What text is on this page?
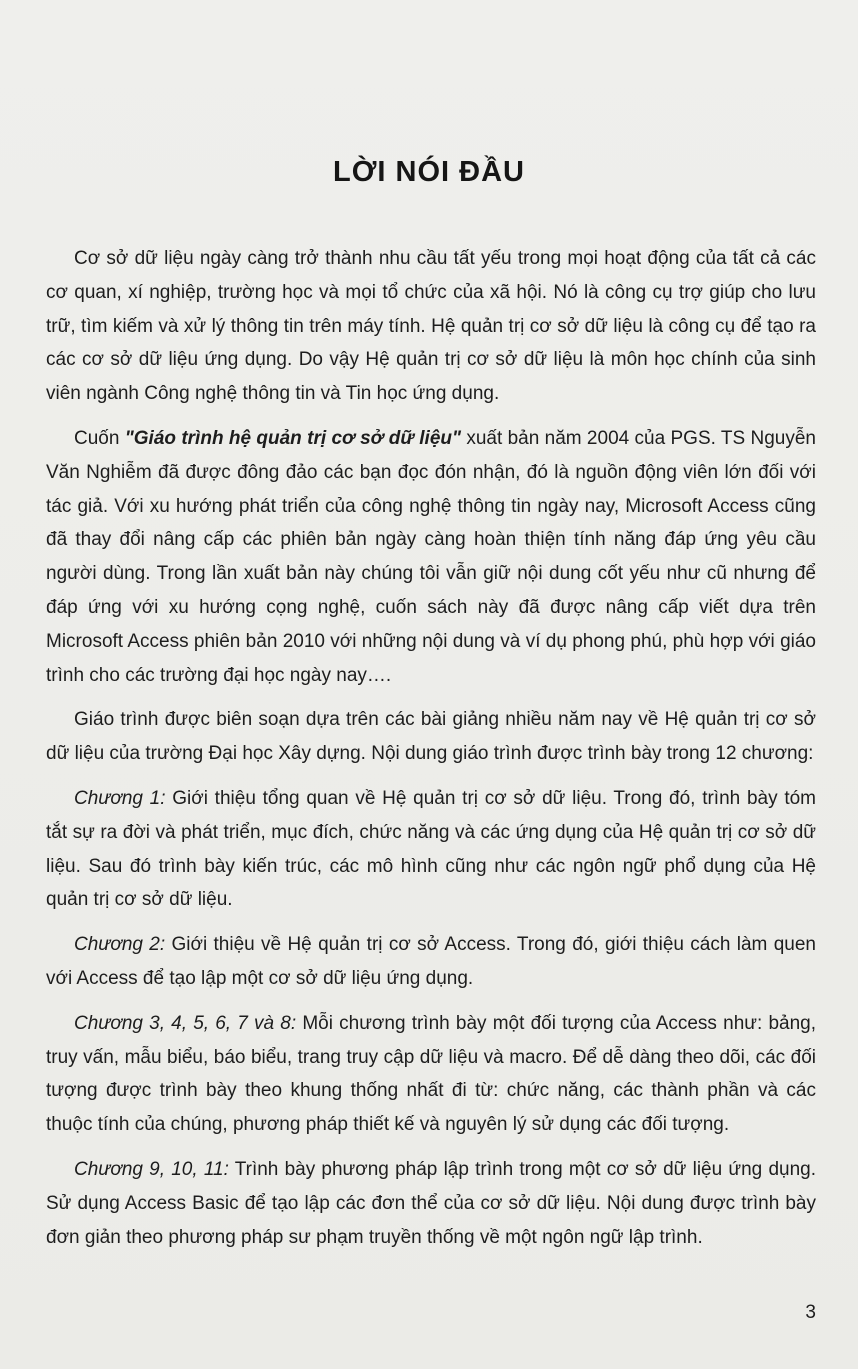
LỜI NÓI ĐẦU

Cơ sở dữ liệu ngày càng trở thành nhu cầu tất yếu trong mọi hoạt động của tất cả các cơ quan, xí nghiệp, trường học và mọi tổ chức của xã hội. Nó là công cụ trợ giúp cho lưu trữ, tìm kiếm và xử lý thông tin trên máy tính. Hệ quản trị cơ sở dữ liệu là công cụ để tạo ra các cơ sở dữ liệu ứng dụng. Do vậy Hệ quản trị cơ sở dữ liệu là môn học chính của sinh viên ngành Công nghệ thông tin và Tin học ứng dụng.

Cuốn "Giáo trình hệ quản trị cơ sở dữ liệu" xuất bản năm 2004 của PGS. TS Nguyễn Văn Nghiễm đã được đông đảo các bạn đọc đón nhận, đó là nguồn động viên lớn đối với tác giả. Với xu hướng phát triển của công nghệ thông tin ngày nay, Microsoft Access cũng đã thay đổi nâng cấp các phiên bản ngày càng hoàn thiện tính năng đáp ứng yêu cầu người dùng. Trong lần xuất bản này chúng tôi vẫn giữ nội dung cốt yếu như cũ nhưng để đáp ứng với xu hướng cọng nghệ, cuốn sách này đã được nâng cấp viết dựa trên Microsoft Access phiên bản 2010 với những nội dung và ví dụ phong phú, phù hợp với giáo trình cho các trường đại học ngày nay….

Giáo trình được biên soạn dựa trên các bài giảng nhiều năm nay về Hệ quản trị cơ sở dữ liệu của trường Đại học Xây dựng. Nội dung giáo trình được trình bày trong 12 chương:

Chương 1: Giới thiệu tổng quan về Hệ quản trị cơ sở dữ liệu. Trong đó, trình bày tóm tắt sự ra đời và phát triển, mục đích, chức năng và các ứng dụng của Hệ quản trị cơ sở dữ liệu. Sau đó trình bày kiến trúc, các mô hình cũng như các ngôn ngữ phổ dụng của Hệ quản trị cơ sở dữ liệu.

Chương 2: Giới thiệu về Hệ quản trị cơ sở Access. Trong đó, giới thiệu cách làm quen với Access để tạo lập một cơ sở dữ liệu ứng dụng.

Chương 3, 4, 5, 6, 7 và 8: Mỗi chương trình bày một đối tượng của Access như: bảng, truy vấn, mẫu biểu, báo biểu, trang truy cập dữ liệu và macro. Để dễ dàng theo dõi, các đối tượng được trình bày theo khung thống nhất đi từ: chức năng, các thành phần và các thuộc tính của chúng, phương pháp thiết kế và nguyên lý sử dụng các đối tượng.

Chương 9, 10, 11: Trình bày phương pháp lập trình trong một cơ sở dữ liệu ứng dụng. Sử dụng Access Basic để tạo lập các đơn thể của cơ sở dữ liệu. Nội dung được trình bày đơn giản theo phương pháp sư phạm truyền thống về một ngôn ngữ lập trình.

3
